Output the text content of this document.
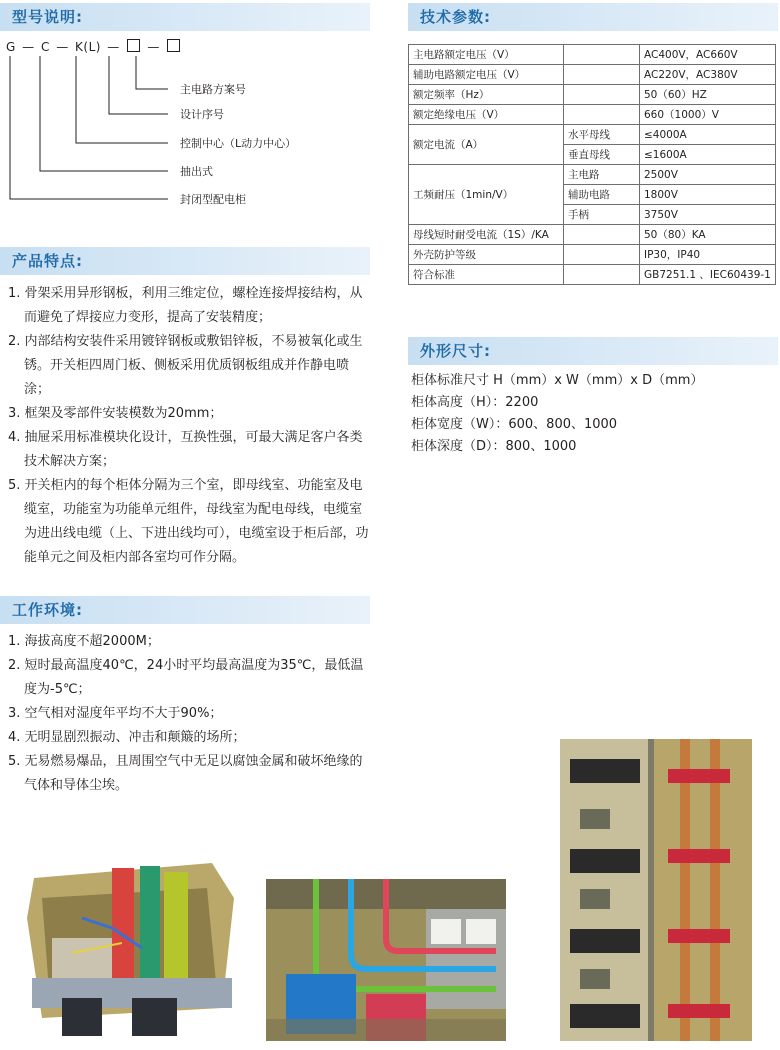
型号说明:	技术参数:
产品特点:
外形尺寸:
工作环境:
G — C — K(L) — —
主电路方案号
设计序号
控制中心（L动力中心）
抽出式
封闭型配电柜
1. 骨架采用异形钢板，利用三维定位，螺栓连接焊接结构，从而避免了焊接应力变形，提高了安装精度；
2. 内部结构安装件采用镀锌钢板或敷铝锌板，不易被氧化或生锈。开关柜四周门板、侧板采用优质钢板组成并作静电喷涂；
3. 框架及零部件安装模数为20mm；
4. 抽屉采用标准模块化设计，互换性强，可最大满足客户各类技术解决方案；
5. 开关柜内的每个柜体分隔为三个室，即母线室、功能室及电缆室，功能室为功能单元组件，母线室为配电母线，电缆室为进出线电缆（上、下进出线均可），电缆室设于柜后部，功能单元之间及柜内部各室均可作分隔。
1. 海拔高度不超2000M；
2. 短时最高温度40℃，24小时平均最高温度为35℃，最低温度为-5℃；
3. 空气相对湿度年平均不大于90%；
4. 无明显剧烈振动、冲击和颠簸的场所；
5. 无易燃易爆品，且周围空气中无足以腐蚀金属和破坏绝缘的气体和导体尘埃。
主电路额定电压（V）		AC400V，AC660V
辅助电路额定电压（V）		AC220V，AC380V
额定频率（Hz）		50（60）HZ
额定绝缘电压（V）		660（1000）V
额定电流（A）	水平母线	≤4000A
	垂直母线	≤1600A
工频耐压（1min/V）	主电路	2500V
	辅助电路	1800V
	手柄	3750V
母线短时耐受电流（1S）/KA		50（80）KA
外壳防护等级		IP30，IP40
符合标准		GB7251.1 、IEC60439-1
柜体标准尺寸 H（mm）x W（mm）x D（mm）
柜体高度（H）：2200
柜体宽度（W）：600、800、1000
柜体深度（D）：800、1000
